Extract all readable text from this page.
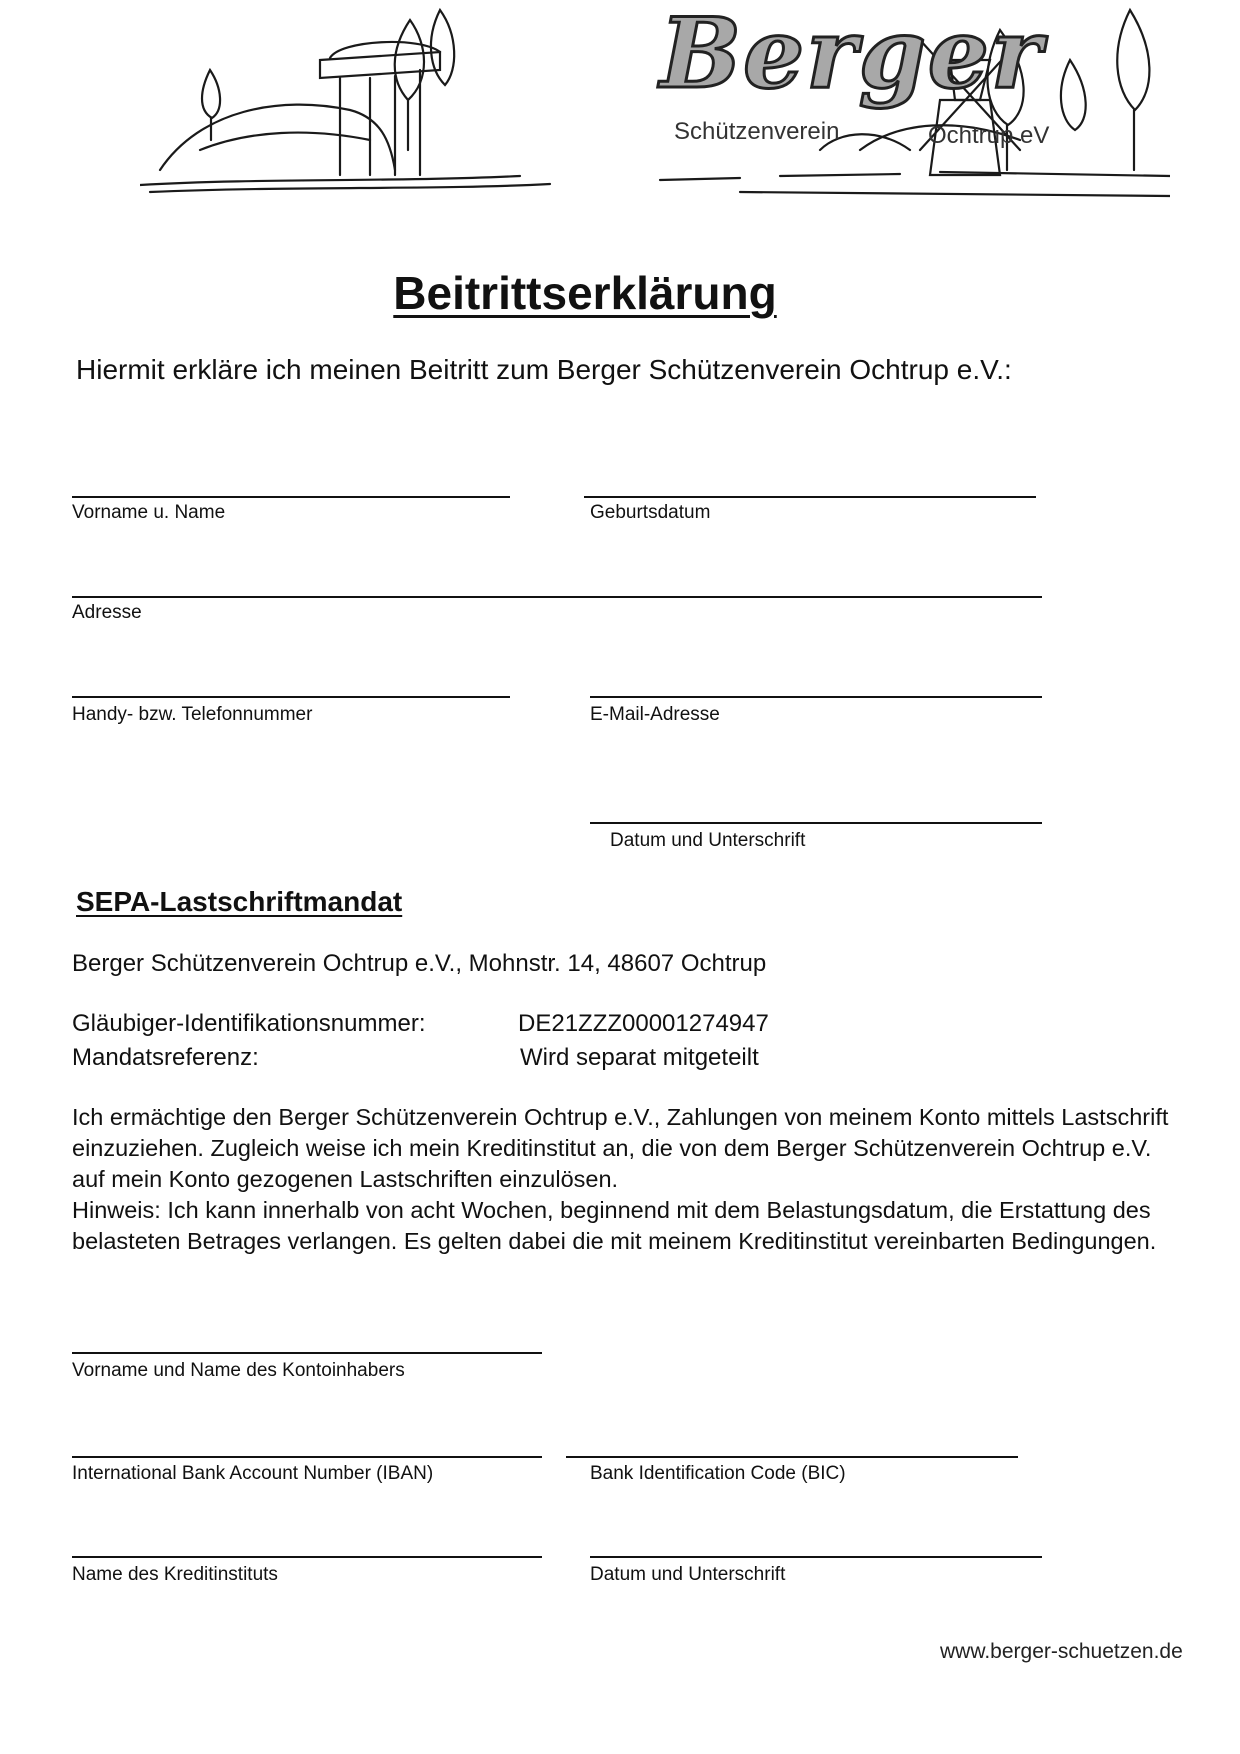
Berger
Schützenverein	Ochtrup eV
Beitrittserklärung
Hiermit erkläre ich meinen Beitritt zum Berger Schützenverein Ochtrup e.V.:
Vorname u. Name	Geburtsdatum
Adresse
Handy- bzw. Telefonnummer	E-Mail-Adresse
Datum und Unterschrift
SEPA-Lastschriftmandat
Berger Schützenverein Ochtrup e.V., Mohnstr. 14, 48607 Ochtrup
Gläubiger-Identifikationsnummer:	DE21ZZZ00001274947
Mandatsreferenz:	Wird separat mitgeteilt

Ich ermächtige den Berger Schützenverein Ochtrup e.V., Zahlungen von meinem Konto mittels Lastschrift einzuziehen. Zugleich weise ich mein Kreditinstitut an, die von dem Berger Schützenverein Ochtrup e.V. auf mein Konto gezogenen Lastschriften einzulösen.

Hinweis: Ich kann innerhalb von acht Wochen, beginnend mit dem Belastungsdatum, die Erstattung des belasteten Betrages verlangen. Es gelten dabei die mit meinem Kreditinstitut vereinbarten Bedingungen.

Vorname und Name des Kontoinhabers
International Bank Account Number (IBAN)	Bank Identification Code (BIC)
Name des Kreditinstituts	Datum und Unterschrift
www.berger-schuetzen.de
